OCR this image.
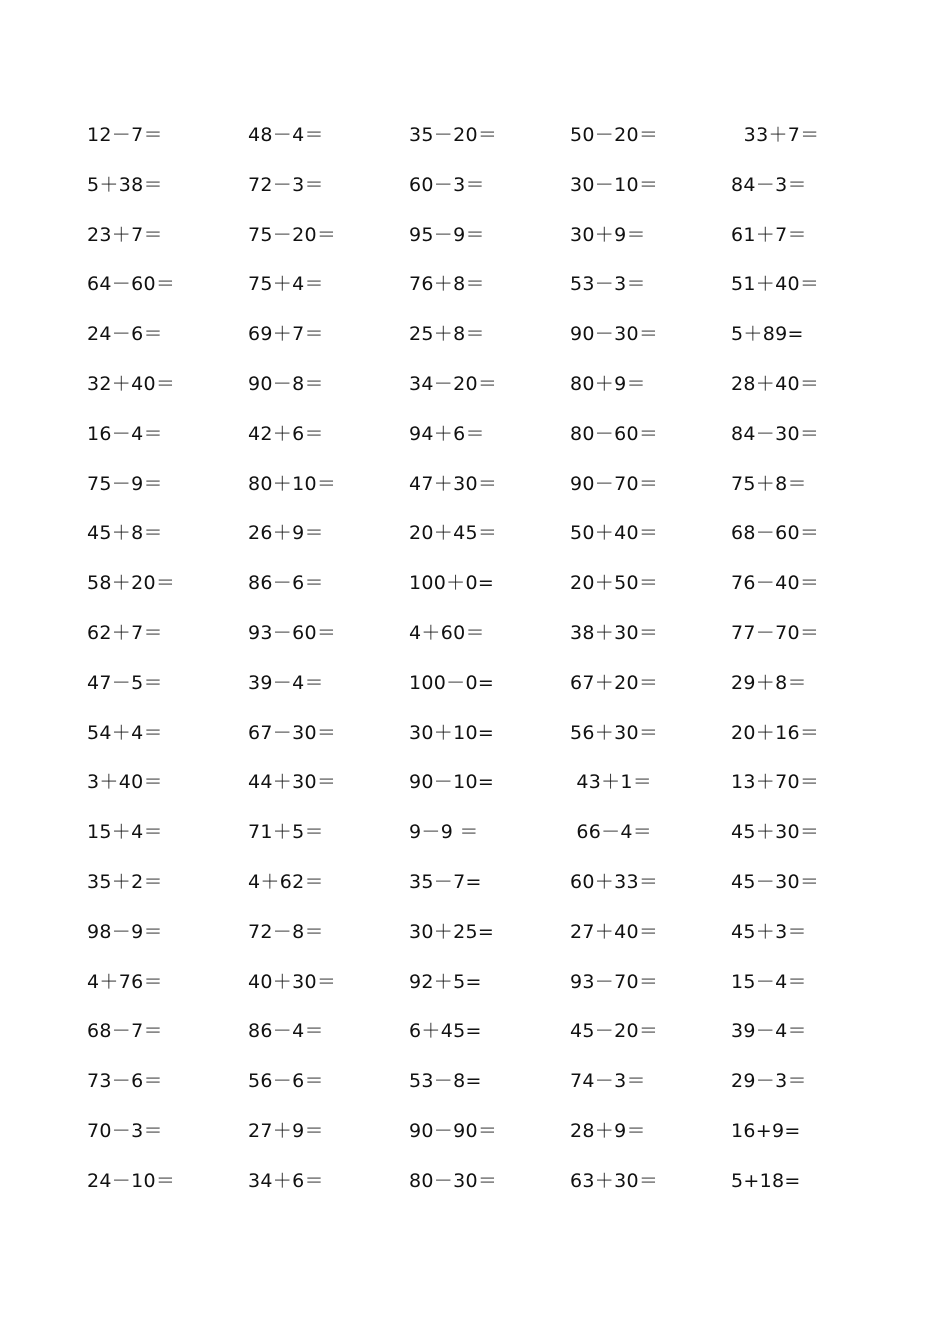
12－7＝	48－4＝	35－20＝	50－20＝	33＋7＝
5＋38＝	72－3＝	60－3＝	30－10＝	84－3＝
23＋7＝	75－20＝	95－9＝	30＋9＝	61＋7＝
64－60＝	75＋4＝	76＋8＝	53－3＝	51＋40＝
24－6＝	69＋7＝	25＋8＝	90－30＝	5＋89=
32＋40＝	90－8＝	34－20＝	80＋9＝	28＋40＝
16－4＝	42＋6＝	94＋6＝	80－60＝	84－30＝
75－9＝	80＋10＝	47＋30＝	90－70＝	75＋8＝
45＋8＝	26＋9＝	20＋45＝	50＋40＝	68－60＝
58＋20＝	86－6＝	100＋0=	20＋50＝	76－40＝
62＋7＝	93－60＝	4＋60＝	38＋30＝	77－70＝
47－5＝	39－4＝	100－0=	67＋20＝	29＋8＝
54＋4＝	67－30＝	30＋10=	56＋30＝	20＋16＝
3＋40＝	44＋30＝	90－10=	43＋1＝	13＋70＝
15＋4＝	71＋5＝	9－9 ＝	66－4＝	45＋30＝
35＋2＝	4＋62＝	35－7=	60＋33＝	45－30＝
98－9＝	72－8＝	30＋25=	27＋40＝	45＋3＝
4＋76＝	40＋30＝	92＋5=	93－70＝	15－4＝
68－7＝	86－4＝	6＋45=	45－20＝	39－4＝
73－6＝	56－6＝	53－8=	74－3＝	29－3＝
70－3＝	27＋9＝	90－90＝	28＋9＝	16+9=
24－10＝	34＋6＝	80－30＝	63＋30＝	5+18=
